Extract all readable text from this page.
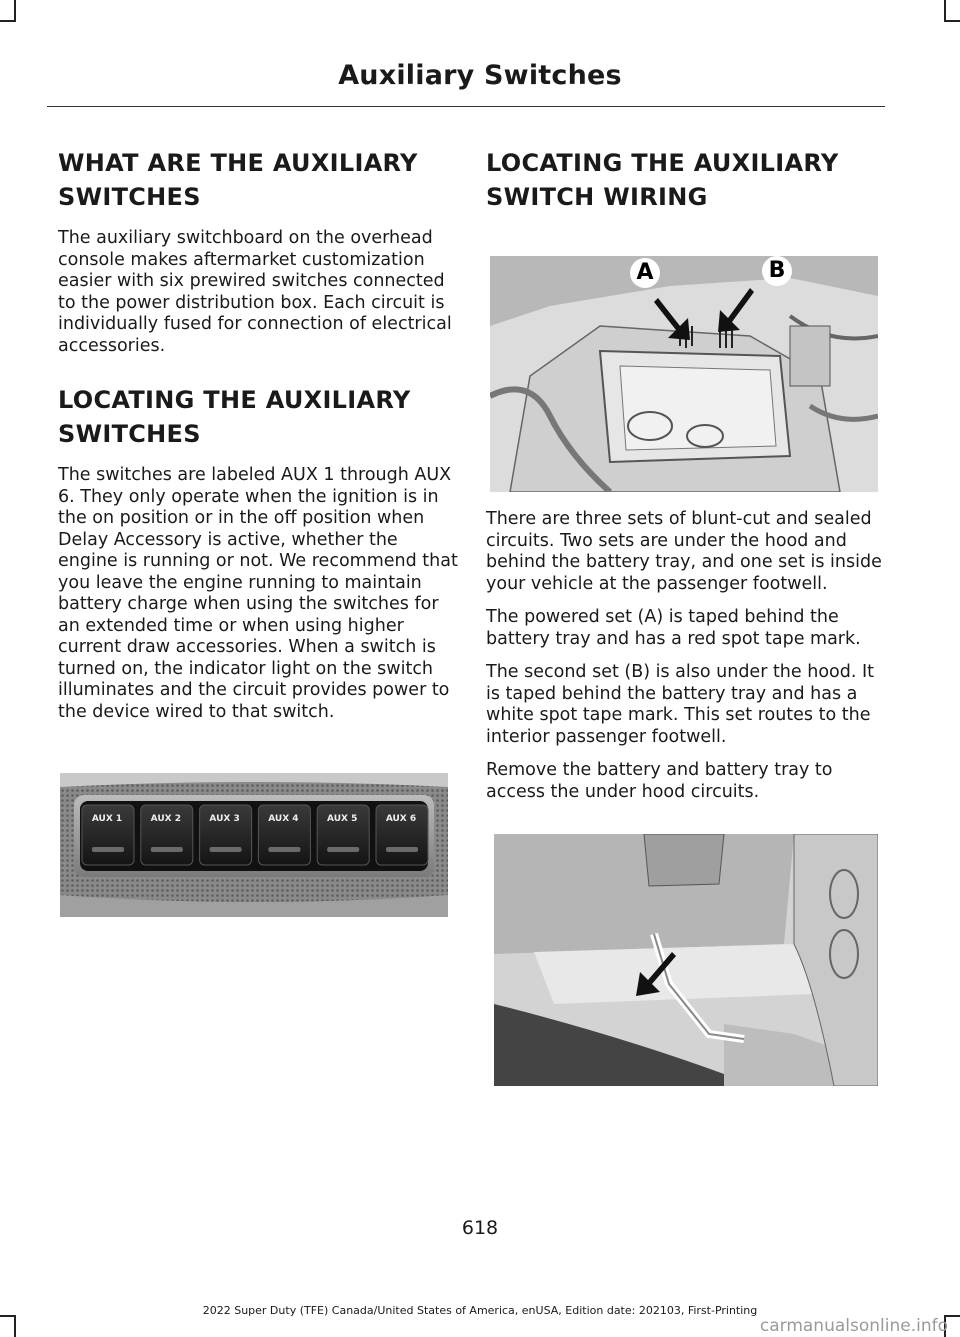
Auxiliary Switches
WHAT ARE THE AUXILIARY
SWITCHES

The auxiliary switchboard on the overhead console makes aftermarket customization easier with six prewired switches connected to the power distribution box. Each circuit is individually fused for connection of electrical accessories.

LOCATING THE AUXILIARY
SWITCHES

The switches are labeled AUX 1 through AUX 6. They only operate when the ignition is in the on position or in the off position when Delay Accessory is active, whether the engine is running or not. We recommend that you leave the engine running to maintain battery charge when using the switches for an extended time or when using higher current draw accessories. When a switch is turned on, the indicator light on the switch illuminates and the circuit provides power to the device wired to that switch.

AUX 1	AUX 2	AUX 3	AUX 4	AUX 5	AUX 6
LOCATING THE AUXILIARY
SWITCH WIRING
A	B

There are three sets of blunt-cut and sealed circuits. Two sets are under the hood and behind the battery tray, and one set is inside your vehicle at the passenger footwell.

The powered set (A) is taped behind the battery tray and has a red spot tape mark.

The second set (B) is also under the hood. It is taped behind the battery tray and has a white spot tape mark. This set routes to the interior passenger footwell.

Remove the battery and battery tray to access the under hood circuits.

618
2022 Super Duty (TFE) Canada/United States of America, enUSA, Edition date: 202103, First-Printing
carmanualsonline.info
